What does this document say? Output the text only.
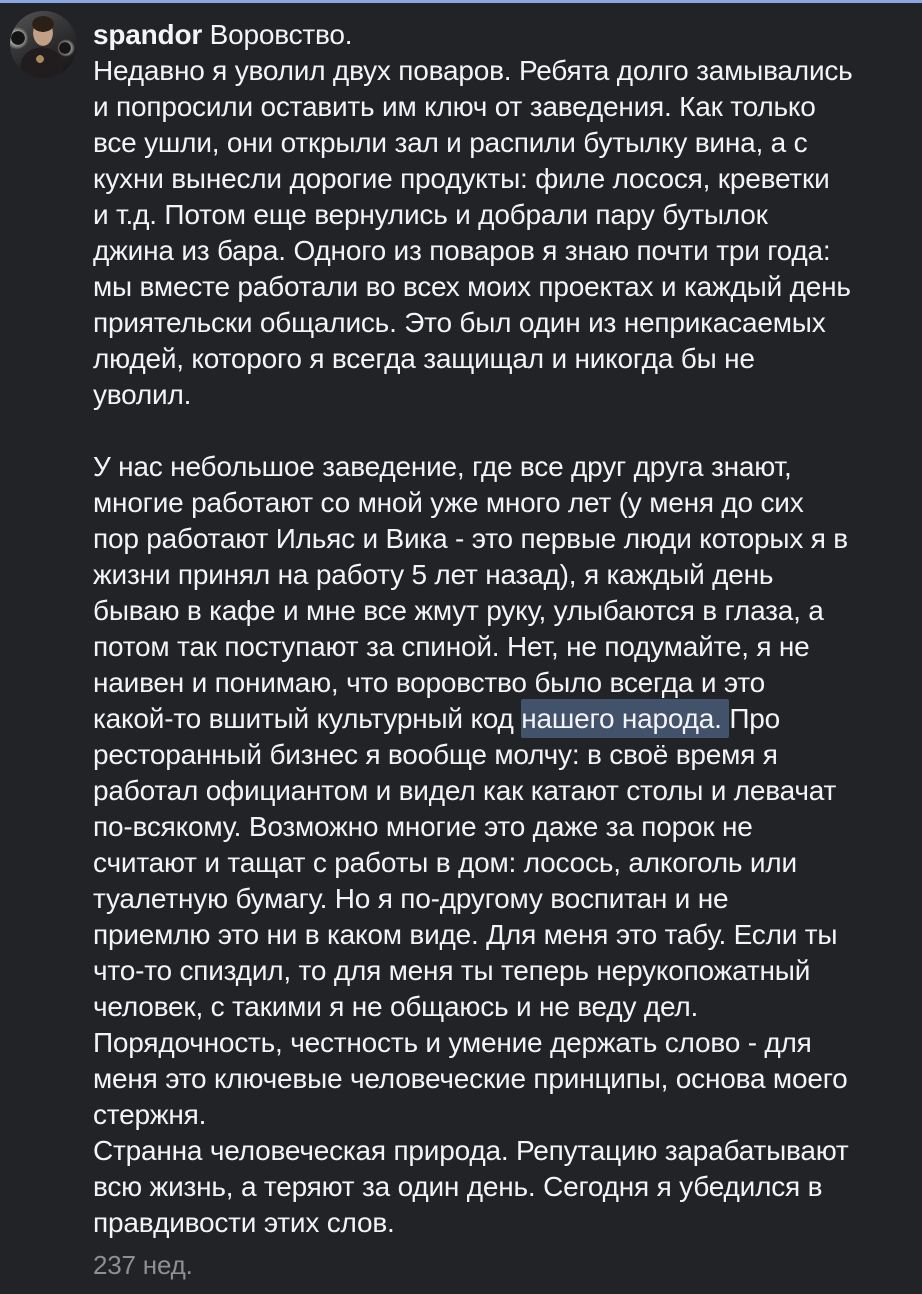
spandor Воровство.
Недавно я уволил двух поваров. Ребята долго замывались
и попросили оставить им ключ от заведения. Как только
все ушли, они открыли зал и распили бутылку вина, а с
кухни вынесли дорогие продукты: филе лосося, креветки
и т.д. Потом еще вернулись и добрали пару бутылок
джина из бара. Одного из поваров я знаю почти три года:
мы вместе работали во всех моих проектах и каждый день
приятельски общались. Это был один из неприкасаемых
людей, которого я всегда защищал и никогда бы не
уволил.

У нас небольшое заведение, где все друг друга знают,
многие работают со мной уже много лет (у меня до сих
пор работают Ильяс и Вика - это первые люди которых я в
жизни принял на работу 5 лет назад), я каждый день
бываю в кафе и мне все жмут руку, улыбаются в глаза, а
потом так поступают за спиной. Нет, не подумайте, я не
наивен и понимаю, что воровство было всегда и это
какой-то вшитый культурный код нашего народа. Про
ресторанный бизнес я вообще молчу: в своё время я
работал официантом и видел как катают столы и левачат
по-всякому. Возможно многие это даже за порок не
считают и тащат с работы в дом: лосось, алкоголь или
туалетную бумагу. Но я по-другому воспитан и не
приемлю это ни в каком виде. Для меня это табу. Если ты
что-то спиздил, то для меня ты теперь нерукопожатный
человек, с такими я не общаюсь и не веду дел.
Порядочность, честность и умение держать слово - для
меня это ключевые человеческие принципы, основа моего
стержня.
Странна человеческая природа. Репутацию зарабатывают
всю жизнь, а теряют за один день. Сегодня я убедился в
правдивости этих слов.
237 нед.
